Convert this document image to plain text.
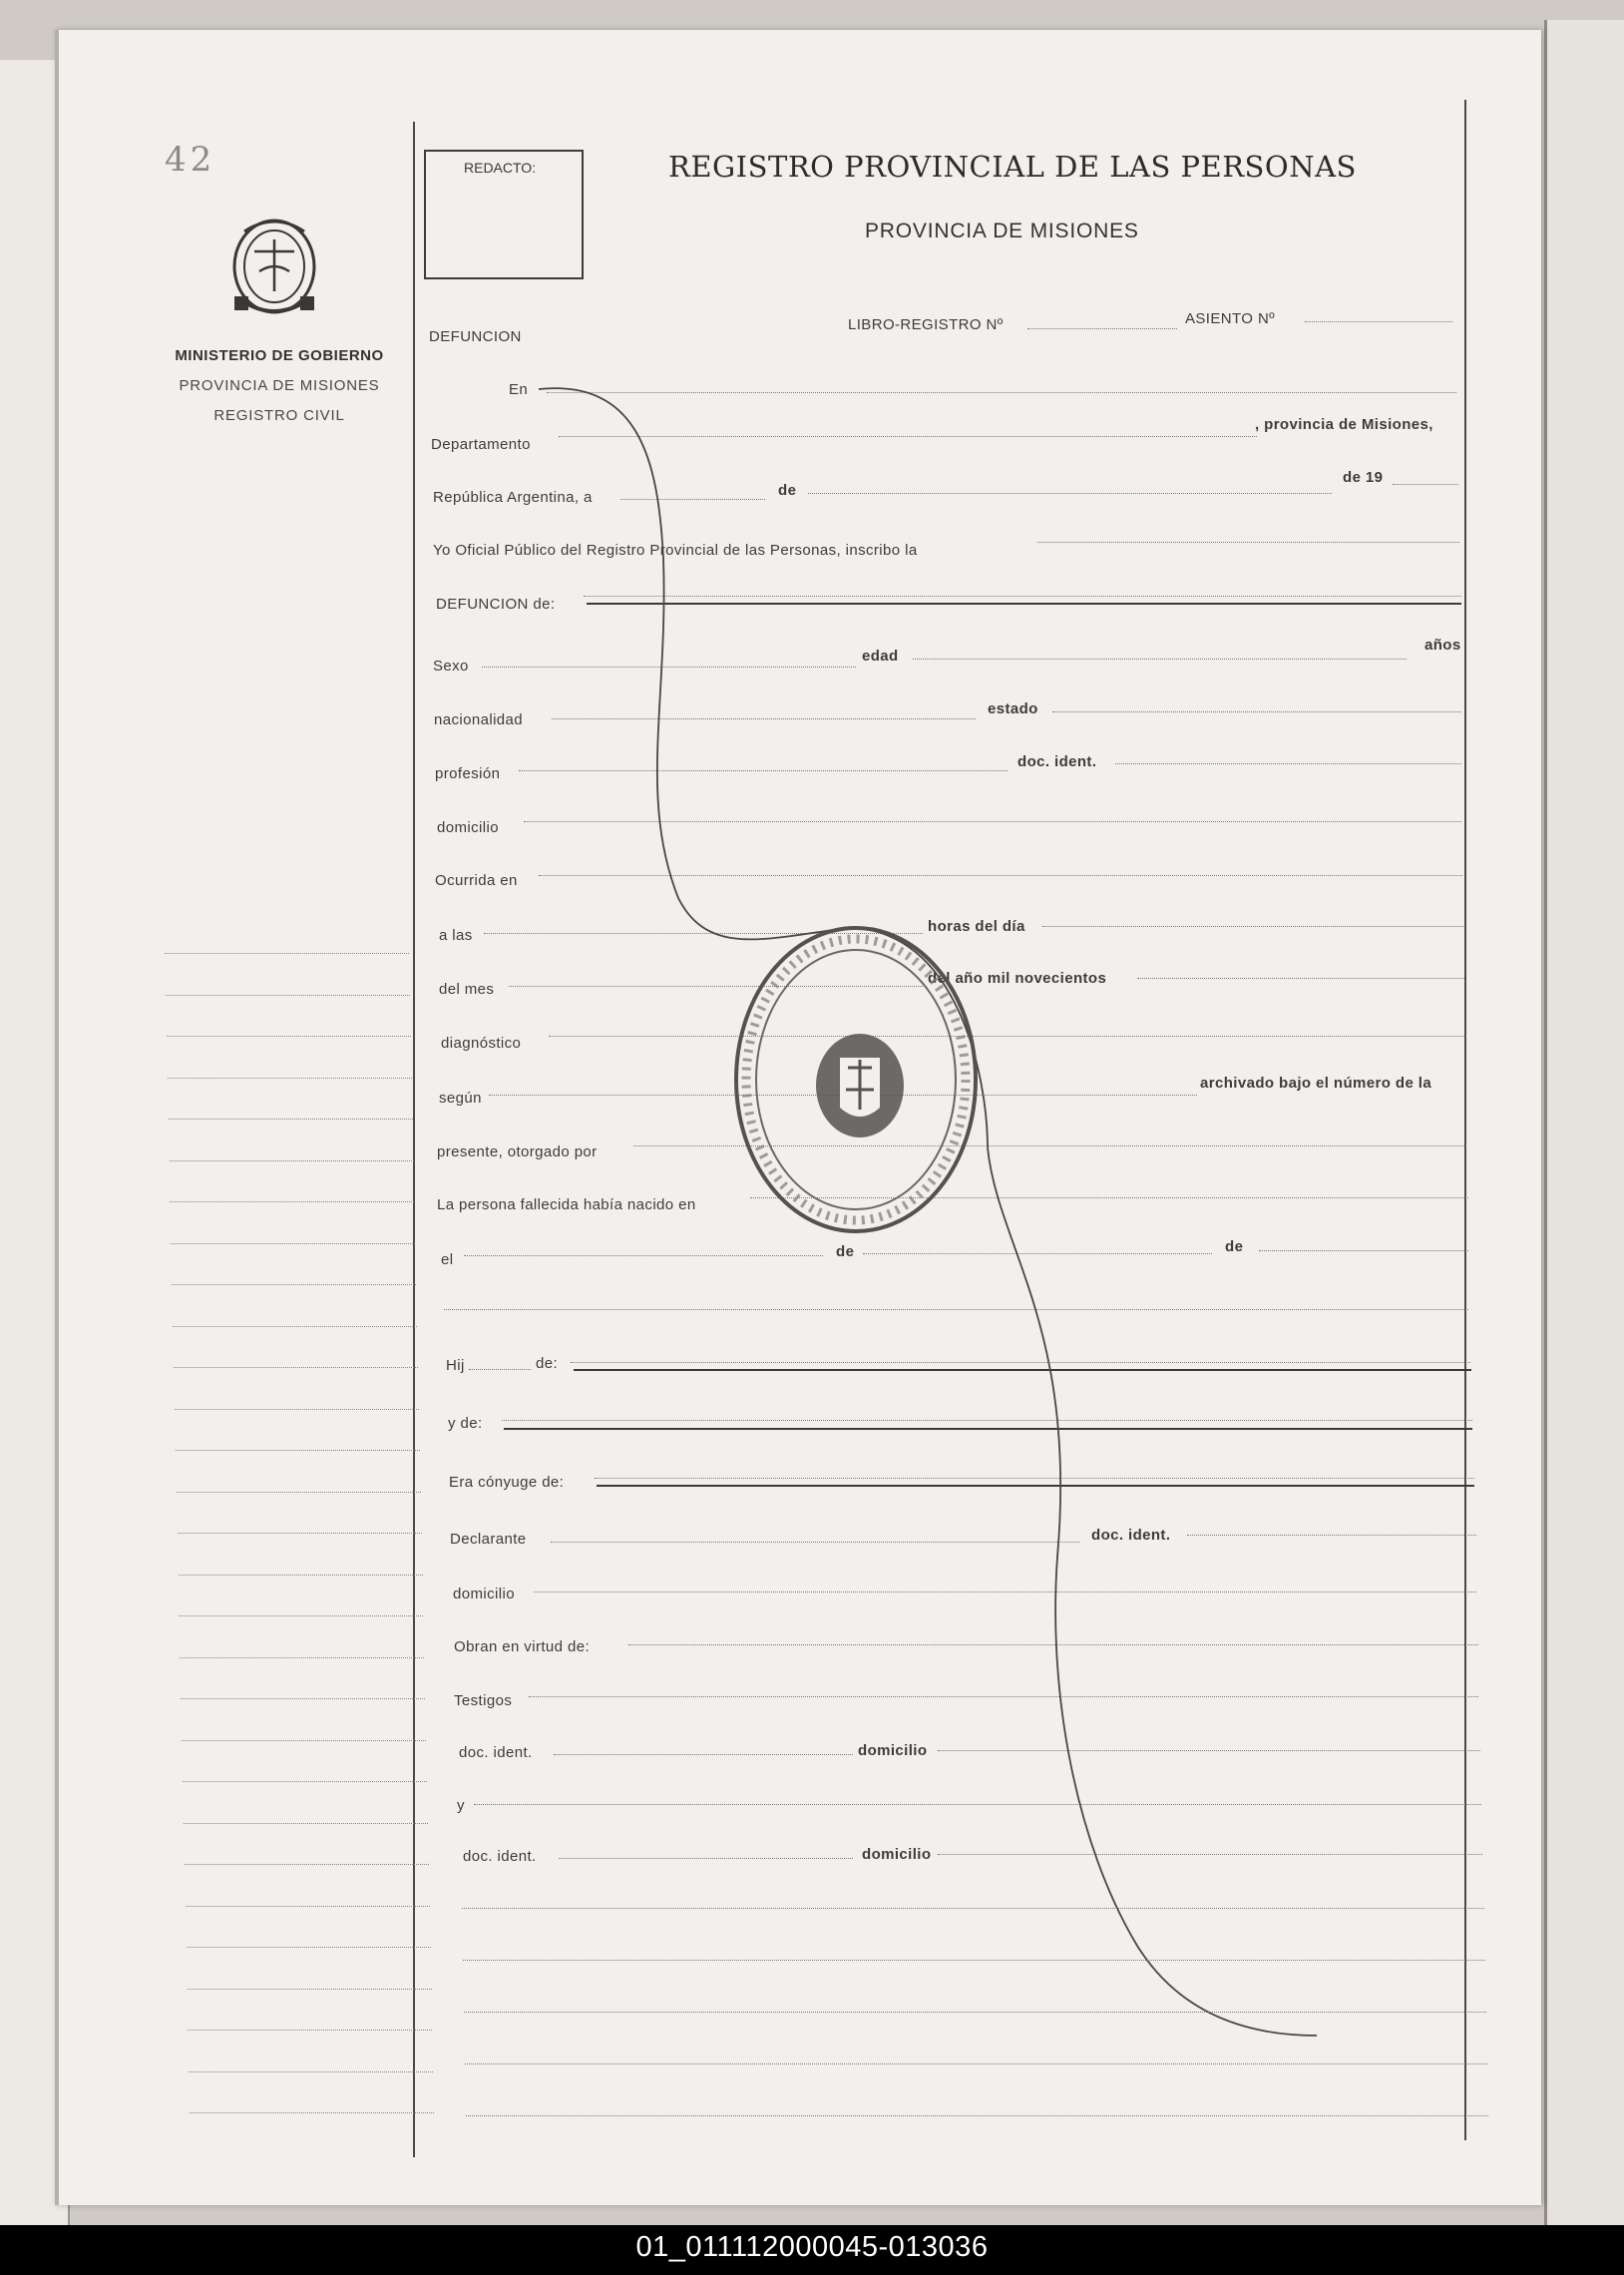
42
MINISTERIO DE GOBIERNO
PROVINCIA DE MISIONES
REGISTRO CIVIL
REDACTO:	REGISTRO PROVINCIAL DE LAS PERSONAS
PROVINCIA DE MISIONES
DEFUNCION
LIBRO-REGISTRO Nº	ASIENTO Nº
En
Departamento
, provincia de Misiones,
República Argentina, a	de
de 19
Yo Oficial Público del Registro Provincial de las Personas, inscribo la
DEFUNCION de:
Sexo
edad
años
nacionalidad
estado
profesión
doc. ident.
domicilio
Ocurrida en
a las
horas del día
del mes
del año mil novecientos
diagnóstico
según
archivado bajo el número de la
presente, otorgado por
La persona fallecida había nacido en
el	de	de
Hij	de:
y de:
Era cónyuge de:
Declarante	doc. ident.
domicilio
Obran en virtud de:
Testigos
doc. ident.	domicilio
y
doc. ident.	domicilio
01_011112000045-013036
